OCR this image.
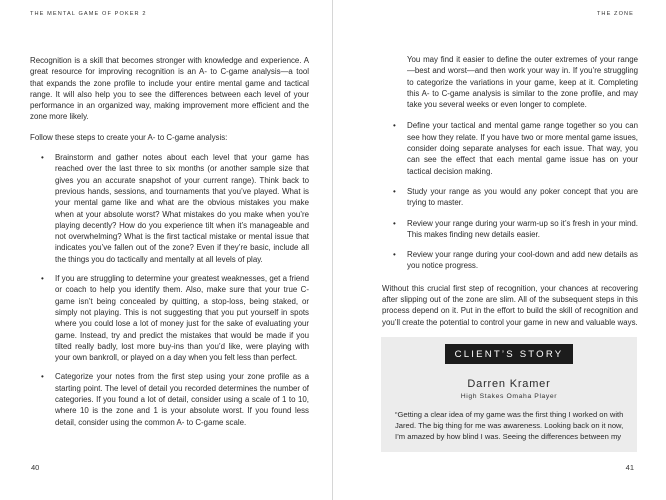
THE MENTAL GAME OF POKER 2

Recognition is a skill that becomes stronger with knowledge and experience. A great resource for improving recognition is an A- to C-game analysis—a tool that expands the zone profile to include your entire mental game and tactical range. It will also help you to see the differences between each level of your performance in an organized way, making improvement more efficient and the zone more likely.

Follow these steps to create your A- to C-game analysis:

• Brainstorm and gather notes about each level that your game has reached over the last three to six months (or another sample size that gives you an accurate snapshot of your current range). Think back to previous hands, sessions, and tournaments that you’ve played. What is your mental game like and what are the obvious mistakes you make when at your absolute worst? What mistakes do you make when you’re playing decently? How do you experience tilt when it’s manageable and not overwhelming? What is the first tactical mistake or mental issue that indicates you’ve fallen out of the zone? Even if they’re basic, include all the things you do tactically and mentally at all levels of play.
• If you are struggling to determine your greatest weaknesses, get a friend or coach to help you identify them. Also, make sure that your true C-game isn’t being concealed by quitting, a stop-loss, being staked, or simply not playing. This is not suggesting that you put yourself in spots where you could lose a lot of money just for the sake of evaluating your game. Instead, try and predict the mistakes that would be made if you tilted really badly, lost more buy-ins than you’d like, were playing with your own bankroll, or played on a day when you felt less than perfect.
• Categorize your notes from the first step using your zone profile as a starting point. The level of detail you recorded determines the number of categories. If you found a lot of detail, consider using a scale of 1 to 10, where 10 is the zone and 1 is your absolute worst. If you found less detail, consider using the common A- to C-game scale.
40
THE ZONE

You may find it easier to define the outer extremes of your range—best and worst—and then work your way in. If you’re struggling to categorize the variations in your game, keep at it. Completing this A- to C-game analysis is similar to the zone profile, and may take you several weeks or even longer to complete.

• Define your tactical and mental game range together so you can see how they relate. If you have two or more mental game issues, consider doing separate analyses for each issue. That way, you can see the effect that each mental game issue has on your tactical decision making.
• Study your range as you would any poker concept that you are trying to master.
• Review your range during your warm-up so it’s fresh in your mind. This makes finding new details easier.
• Review your range during your cool-down and add new details as you notice progress.

Without this crucial first step of recognition, your chances at recovering after slipping out of the zone are slim. All of the subsequent steps in this process depend on it. Put in the effort to build the skill of recognition and you’ll create the potential to control your game in new and valuable ways.

41
CLIENT’S STORY
Darren Kramer
High Stakes Omaha Player
“Getting a clear idea of my game was the first thing I worked on with Jared. The big thing for me was awareness. Looking back on it now, I’m amazed by how blind I was. Seeing the differences between my
